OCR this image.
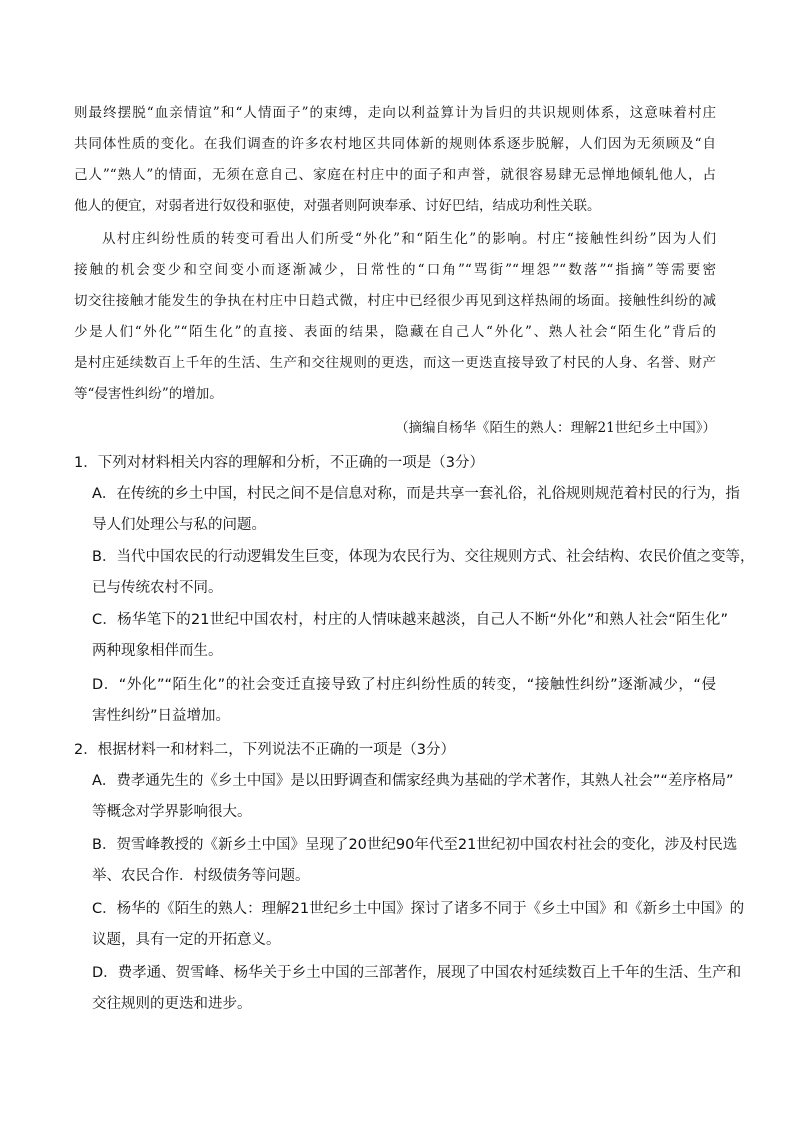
则最终摆脱“血亲情谊”和“人情面子”的束缚，走向以利益算计为旨归的共识规则体系，这意味着村庄
共同体性质的变化。在我们调查的许多农村地区共同体新的规则体系逐步脱解，人们因为无须顾及“自
己人”“熟人”的情面，无须在意自己、家庭在村庄中的面子和声誉，就很容易肆无忌惮地倾轧他人，占
他人的便宜，对弱者进行奴役和驱使，对强者则阿谀奉承、讨好巴结，结成功利性关联。
从村庄纠纷性质的转变可看出人们所受“外化”和“陌生化”的影响。村庄“接触性纠纷”因为人们
接触的机会变少和空间变小而逐渐减少，日常性的“口角”“骂街”“埋怨”“数落”“指摘”等需要密
切交往接触才能发生的争执在村庄中日趋式微，村庄中已经很少再见到这样热闹的场面。接触性纠纷的减
少是人们“外化”“陌生化”的直接、表面的结果，隐藏在自己人“外化”、熟人社会“陌生化”背后的
是村庄延续数百上千年的生活、生产和交往规则的更迭，而这一更迭直接导致了村民的人身、名誉、财产
等“侵害性纠纷”的增加。
（摘编自杨华《陌生的熟人：理解21世纪乡土中国》）
1．下列对材料相关内容的理解和分析，不正确的一项是（3分）
A．在传统的乡土中国，村民之间不是信息对称，而是共享一套礼俗，礼俗规则规范着村民的行为，指
导人们处理公与私的问题。
B．当代中国农民的行动逻辑发生巨变，体现为农民行为、交往规则方式、社会结构、农民价值之变等，
已与传统农村不同。
C．杨华笔下的21世纪中国农村，村庄的人情味越来越淡，自己人不断“外化”和熟人社会“陌生化”
两种现象相伴而生。
D．“外化”“陌生化”的社会变迁直接导致了村庄纠纷性质的转变，“接触性纠纷”逐渐减少，“侵
害性纠纷”日益增加。
2．根据材料一和材料二，下列说法不正确的一项是（3分）
A．费孝通先生的《乡土中国》是以田野调查和儒家经典为基础的学术著作，其熟人社会”“差序格局”
等概念对学界影响很大。
B．贺雪峰教授的《新乡土中国》呈现了20世纪90年代至21世纪初中国农村社会的变化，涉及村民选
举、农民合作．村级债务等问题。
C．杨华的《陌生的熟人：理解21世纪乡土中国》探讨了诸多不同于《乡土中国》和《新乡土中国》的
议题，具有一定的开拓意义。
D．费孝通、贺雪峰、杨华关于乡土中国的三部著作，展现了中国农村延续数百上千年的生活、生产和
交往规则的更迭和进步。
